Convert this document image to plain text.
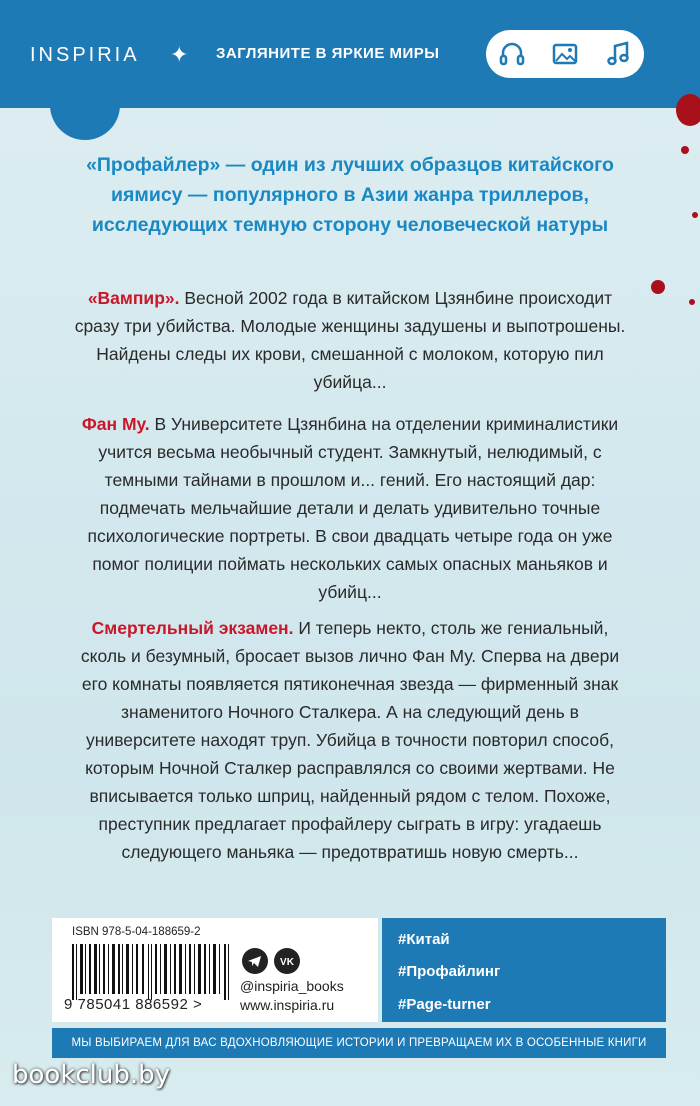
INSPIRIA ✦ ЗАГЛЯНИТЕ В ЯРКИЕ МИРЫ
«Профайлер» — один из лучших образцов китайского иямису — популярного в Азии жанра триллеров, исследующих темную сторону человеческой натуры
«Вампир». Весной 2002 года в китайском Цзянбине происходит сразу три убийства. Молодые женщины задушены и выпотрошены. Найдены следы их крови, смешанной с молоком, которую пил убийца...
Фан Му. В Университете Цзянбина на отделении криминалистики учится весьма необычный студент. Замкнутый, нелюдимый, с темными тайнами в прошлом и... гений. Его настоящий дар: подмечать мельчайшие детали и делать удивительно точные психологические портреты. В свои двадцать четыре года он уже помог полиции поймать нескольких самых опасных маньяков и убийц...
Смертельный экзамен. И теперь некто, столь же гениальный, сколь и безумный, бросает вызов лично Фан Му. Сперва на двери его комнаты появляется пятиконечная звезда — фирменный знак знаменитого Ночного Сталкера. А на следующий день в университете находят труп. Убийца в точности повторил способ, которым Ночной Сталкер расправлялся со своими жертвами. Не вписывается только шприц, найденный рядом с телом. Похоже, преступник предлагает профайлеру сыграть в игру: угадаешь следующего маньяка — предотвратишь новую смерть...
ISBN 978-5-04-188659-2
9 785041 886592 >
VK
@inspiria_books
www.inspiria.ru
#Китай
#Профайлинг
#Page-turner
МЫ ВЫБИРАЕМ ДЛЯ ВАС ВДОХНОВЛЯЮЩИЕ ИСТОРИИ И ПРЕВРАЩАЕМ ИХ В ОСОБЕННЫЕ КНИГИ
bookclub.by
